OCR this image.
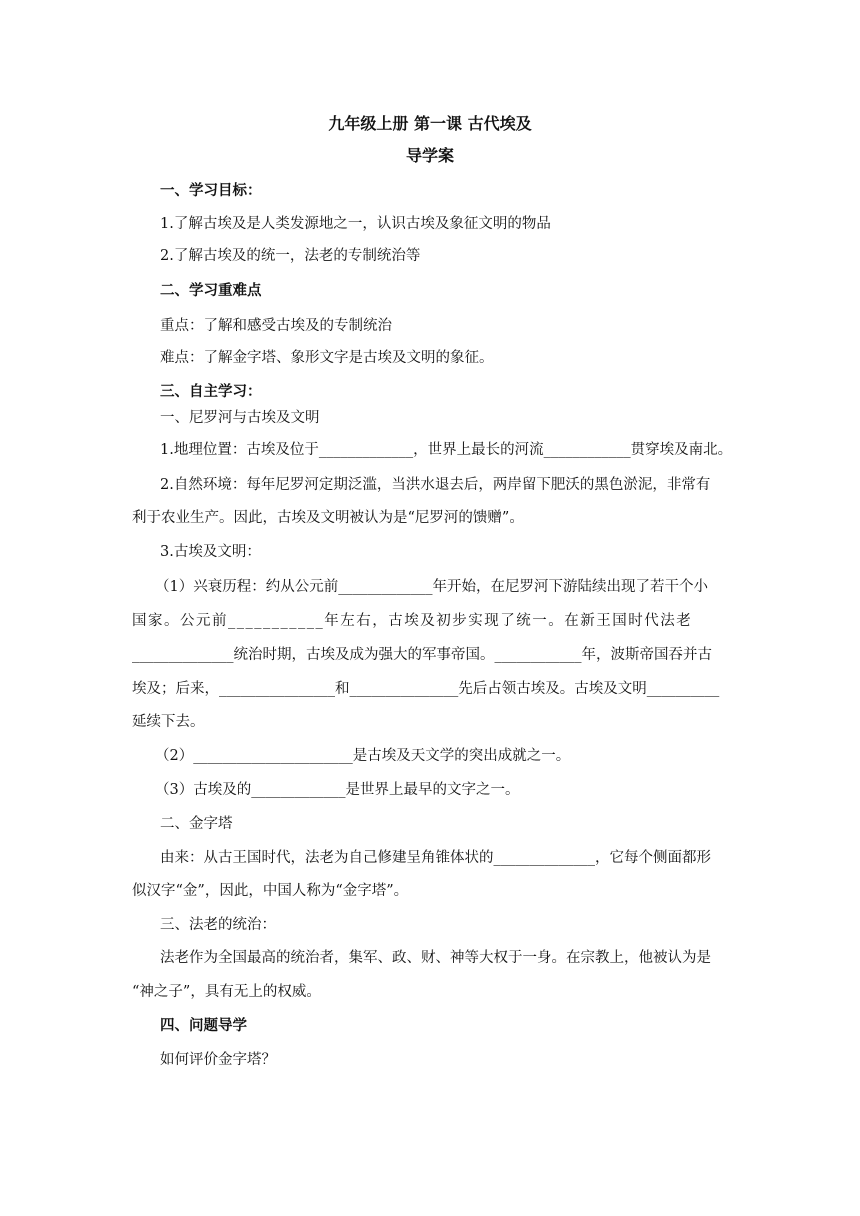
九年级上册 第一课 古代埃及
导学案
一、学习目标：
1.了解古埃及是人类发源地之一，认识古埃及象征文明的物品
2.了解古埃及的统一，法老的专制统治等
二、学习重难点
重点：了解和感受古埃及的专制统治
难点：了解金字塔、象形文字是古埃及文明的象征。
三、自主学习：
一、尼罗河与古埃及文明
1.地理位置：古埃及位于_____________，世界上最长的河流____________贯穿埃及南北。
2.自然环境：每年尼罗河定期泛滥，当洪水退去后，两岸留下肥沃的黑色淤泥，非常有
利于农业生产。因此，古埃及文明被认为是“尼罗河的馈赠”。
3.古埃及文明：
（1）兴衰历程：约从公元前_____________年开始，在尼罗河下游陆续出现了若干个小
国家。公元前___________年左右，古埃及初步实现了统一。在新王国时代法老
______________统治时期，古埃及成为强大的军事帝国。____________年，波斯帝国吞并古
埃及；后来，________________和_______________先后占领古埃及。古埃及文明__________
延续下去。
（2）______________________是古埃及天文学的突出成就之一。
（3）古埃及的_____________是世界上最早的文字之一。
二、金字塔
由来：从古王国时代，法老为自己修建呈角锥体状的______________，它每个侧面都形
似汉字“金”，因此，中国人称为“金字塔”。
三、法老的统治：
法老作为全国最高的统治者，集军、政、财、神等大权于一身。在宗教上，他被认为是
“神之子”，具有无上的权威。
四、问题导学
如何评价金字塔？
